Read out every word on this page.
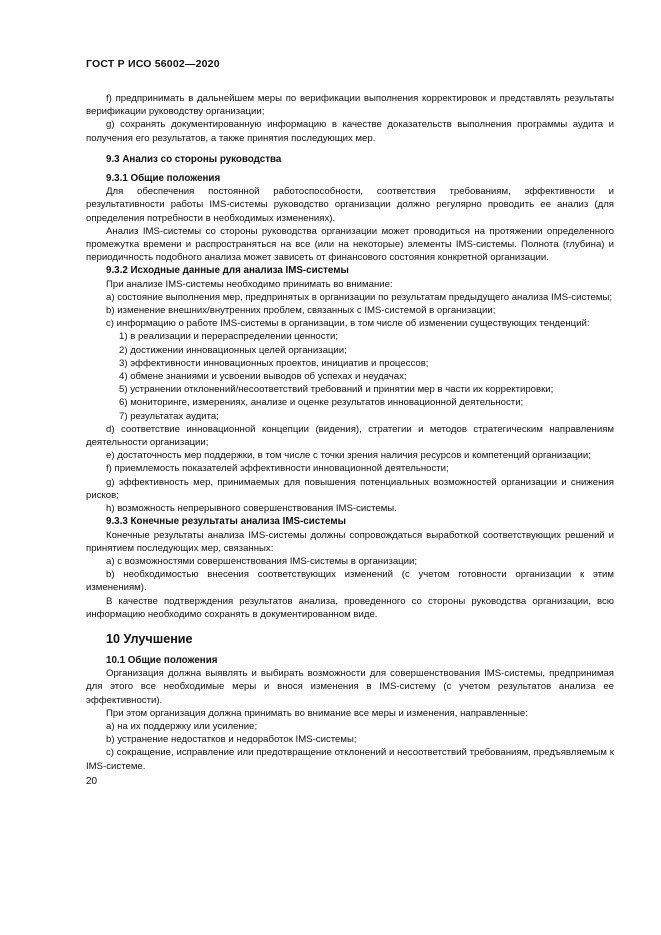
ГОСТ Р ИСО 56002—2020

f) предпринимать в дальнейшем меры по верификации выполнения корректировок и представлять результаты верификации руководству организации;

g) сохранять документированную информацию в качестве доказательств выполнения программы аудита и получения его результатов, а также принятия последующих мер.

9.3 Анализ со стороны руководства

9.3.1 Общие положения

Для обеспечения постоянной работоспособности, соответствия требованиям, эффективности и результативности работы IMS-системы руководство организации должно регулярно проводить ее анализ (для определения потребности в необходимых изменениях).

Анализ IMS-системы со стороны руководства организации может проводиться на протяжении определенного промежутка времени и распространяться на все (или на некоторые) элементы IMS-системы. Полнота (глубина) и периодичность подобного анализа может зависеть от финансового состояния конкретной организации.

9.3.2 Исходные данные для анализа IMS-системы

При анализе IMS-системы необходимо принимать во внимание:

a) состояние выполнения мер, предпринятых в организации по результатам предыдущего анализа IMS-системы;

b) изменение внешних/внутренних проблем, связанных с IMS-системой в организации;

c) информацию о работе IMS-системы в организации, в том числе об изменении существующих тенденций:

1) в реализации и перераспределении ценности;

2) достижении инновационных целей организации;

3) эффективности инновационных проектов, инициатив и процессов;

4) обмене знаниями и усвоении выводов об успехах и неудачах;

5) устранении отклонений/несоответствий требований и принятии мер в части их корректировки;

6) мониторинге, измерениях, анализе и оценке результатов инновационной деятельности;

7) результатах аудита;

d) соответствие инновационной концепции (видения), стратегии и методов стратегическим направлениям деятельности организации;

e) достаточность мер поддержки, в том числе с точки зрения наличия ресурсов и компетенций организации;

f) приемлемость показателей эффективности инновационной деятельности;

g) эффективность мер, принимаемых для повышения потенциальных возможностей организации и снижения рисков;

h) возможность непрерывного совершенствования IMS-системы.

9.3.3 Конечные результаты анализа IMS-системы

Конечные результаты анализа IMS-системы должны сопровождаться выработкой соответствующих решений и принятием последующих мер, связанных:

a) с возможностями совершенствования IMS-системы в организации;

b) необходимостью внесения соответствующих изменений (с учетом готовности организации к этим изменениям).

В качестве подтверждения результатов анализа, проведенного со стороны руководства организации, всю информацию необходимо сохранять в документированном виде.

10 Улучшение

10.1 Общие положения

Организация должна выявлять и выбирать возможности для совершенствования IMS-системы, предпринимая для этого все необходимые меры и внося изменения в IMS-систему (с учетом результатов анализа ее эффективности).

При этом организация должна принимать во внимание все меры и изменения, направленные:

a) на их поддержку или усиление;

b) устранение недостатков и недоработок IMS-системы;

c) сокращение, исправление или предотвращение отклонений и несоответствий требованиям, предъявляемым к IMS-системе.

20
